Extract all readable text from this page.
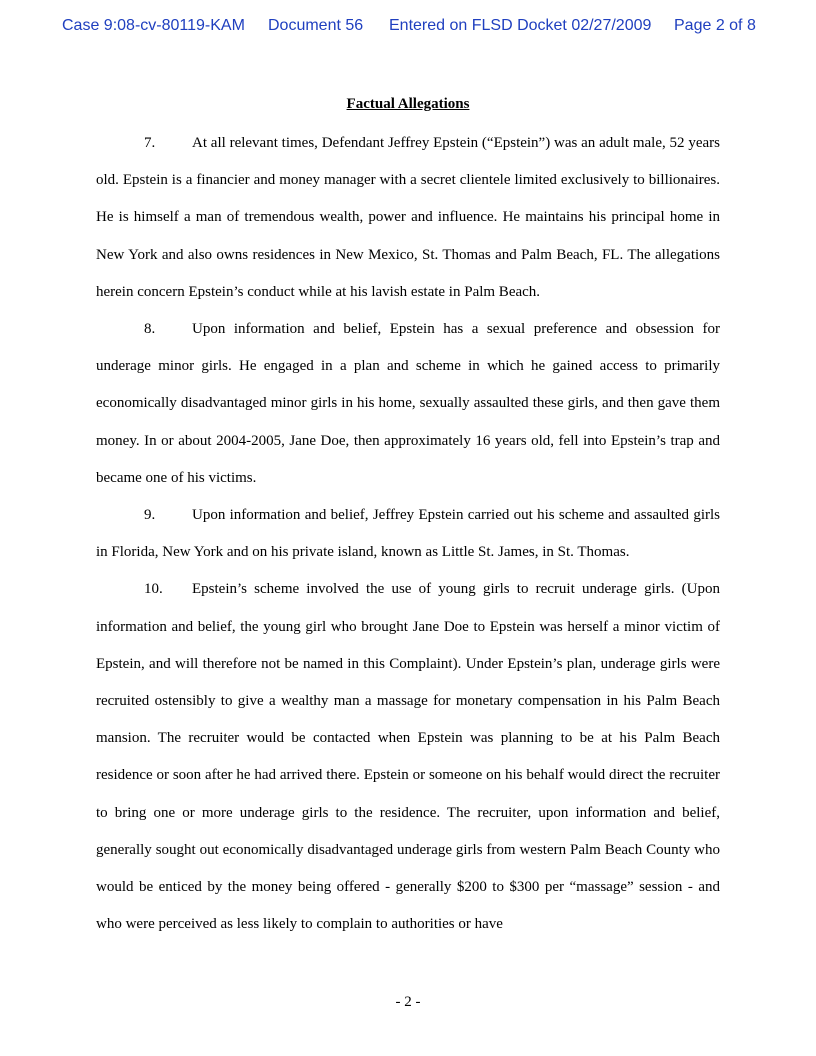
Case 9:08-cv-80119-KAM Document 56 Entered on FLSD Docket 02/27/2009 Page 2 of 8
Factual Allegations

7. At all relevant times, Defendant Jeffrey Epstein (“Epstein”) was an adult male, 52 years old. Epstein is a financier and money manager with a secret clientele limited exclusively to billionaires. He is himself a man of tremendous wealth, power and influence. He maintains his principal home in New York and also owns residences in New Mexico, St. Thomas and Palm Beach, FL. The allegations herein concern Epstein’s conduct while at his lavish estate in Palm Beach.

8. Upon information and belief, Epstein has a sexual preference and obsession for underage minor girls. He engaged in a plan and scheme in which he gained access to primarily economically disadvantaged minor girls in his home, sexually assaulted these girls, and then gave them money. In or about 2004-2005, Jane Doe, then approximately 16 years old, fell into Epstein’s trap and became one of his victims.

9. Upon information and belief, Jeffrey Epstein carried out his scheme and assaulted girls in Florida, New York and on his private island, known as Little St. James, in St. Thomas.

10. Epstein’s scheme involved the use of young girls to recruit underage girls. (Upon information and belief, the young girl who brought Jane Doe to Epstein was herself a minor victim of Epstein, and will therefore not be named in this Complaint). Under Epstein’s plan, underage girls were recruited ostensibly to give a wealthy man a massage for monetary compensation in his Palm Beach mansion. The recruiter would be contacted when Epstein was planning to be at his Palm Beach residence or soon after he had arrived there. Epstein or someone on his behalf would direct the recruiter to bring one or more underage girls to the residence. The recruiter, upon information and belief, generally sought out economically disadvantaged underage girls from western Palm Beach County who would be enticed by the money being offered - generally $200 to $300 per “massage” session - and who were perceived as less likely to complain to authorities or have

- 2 -
